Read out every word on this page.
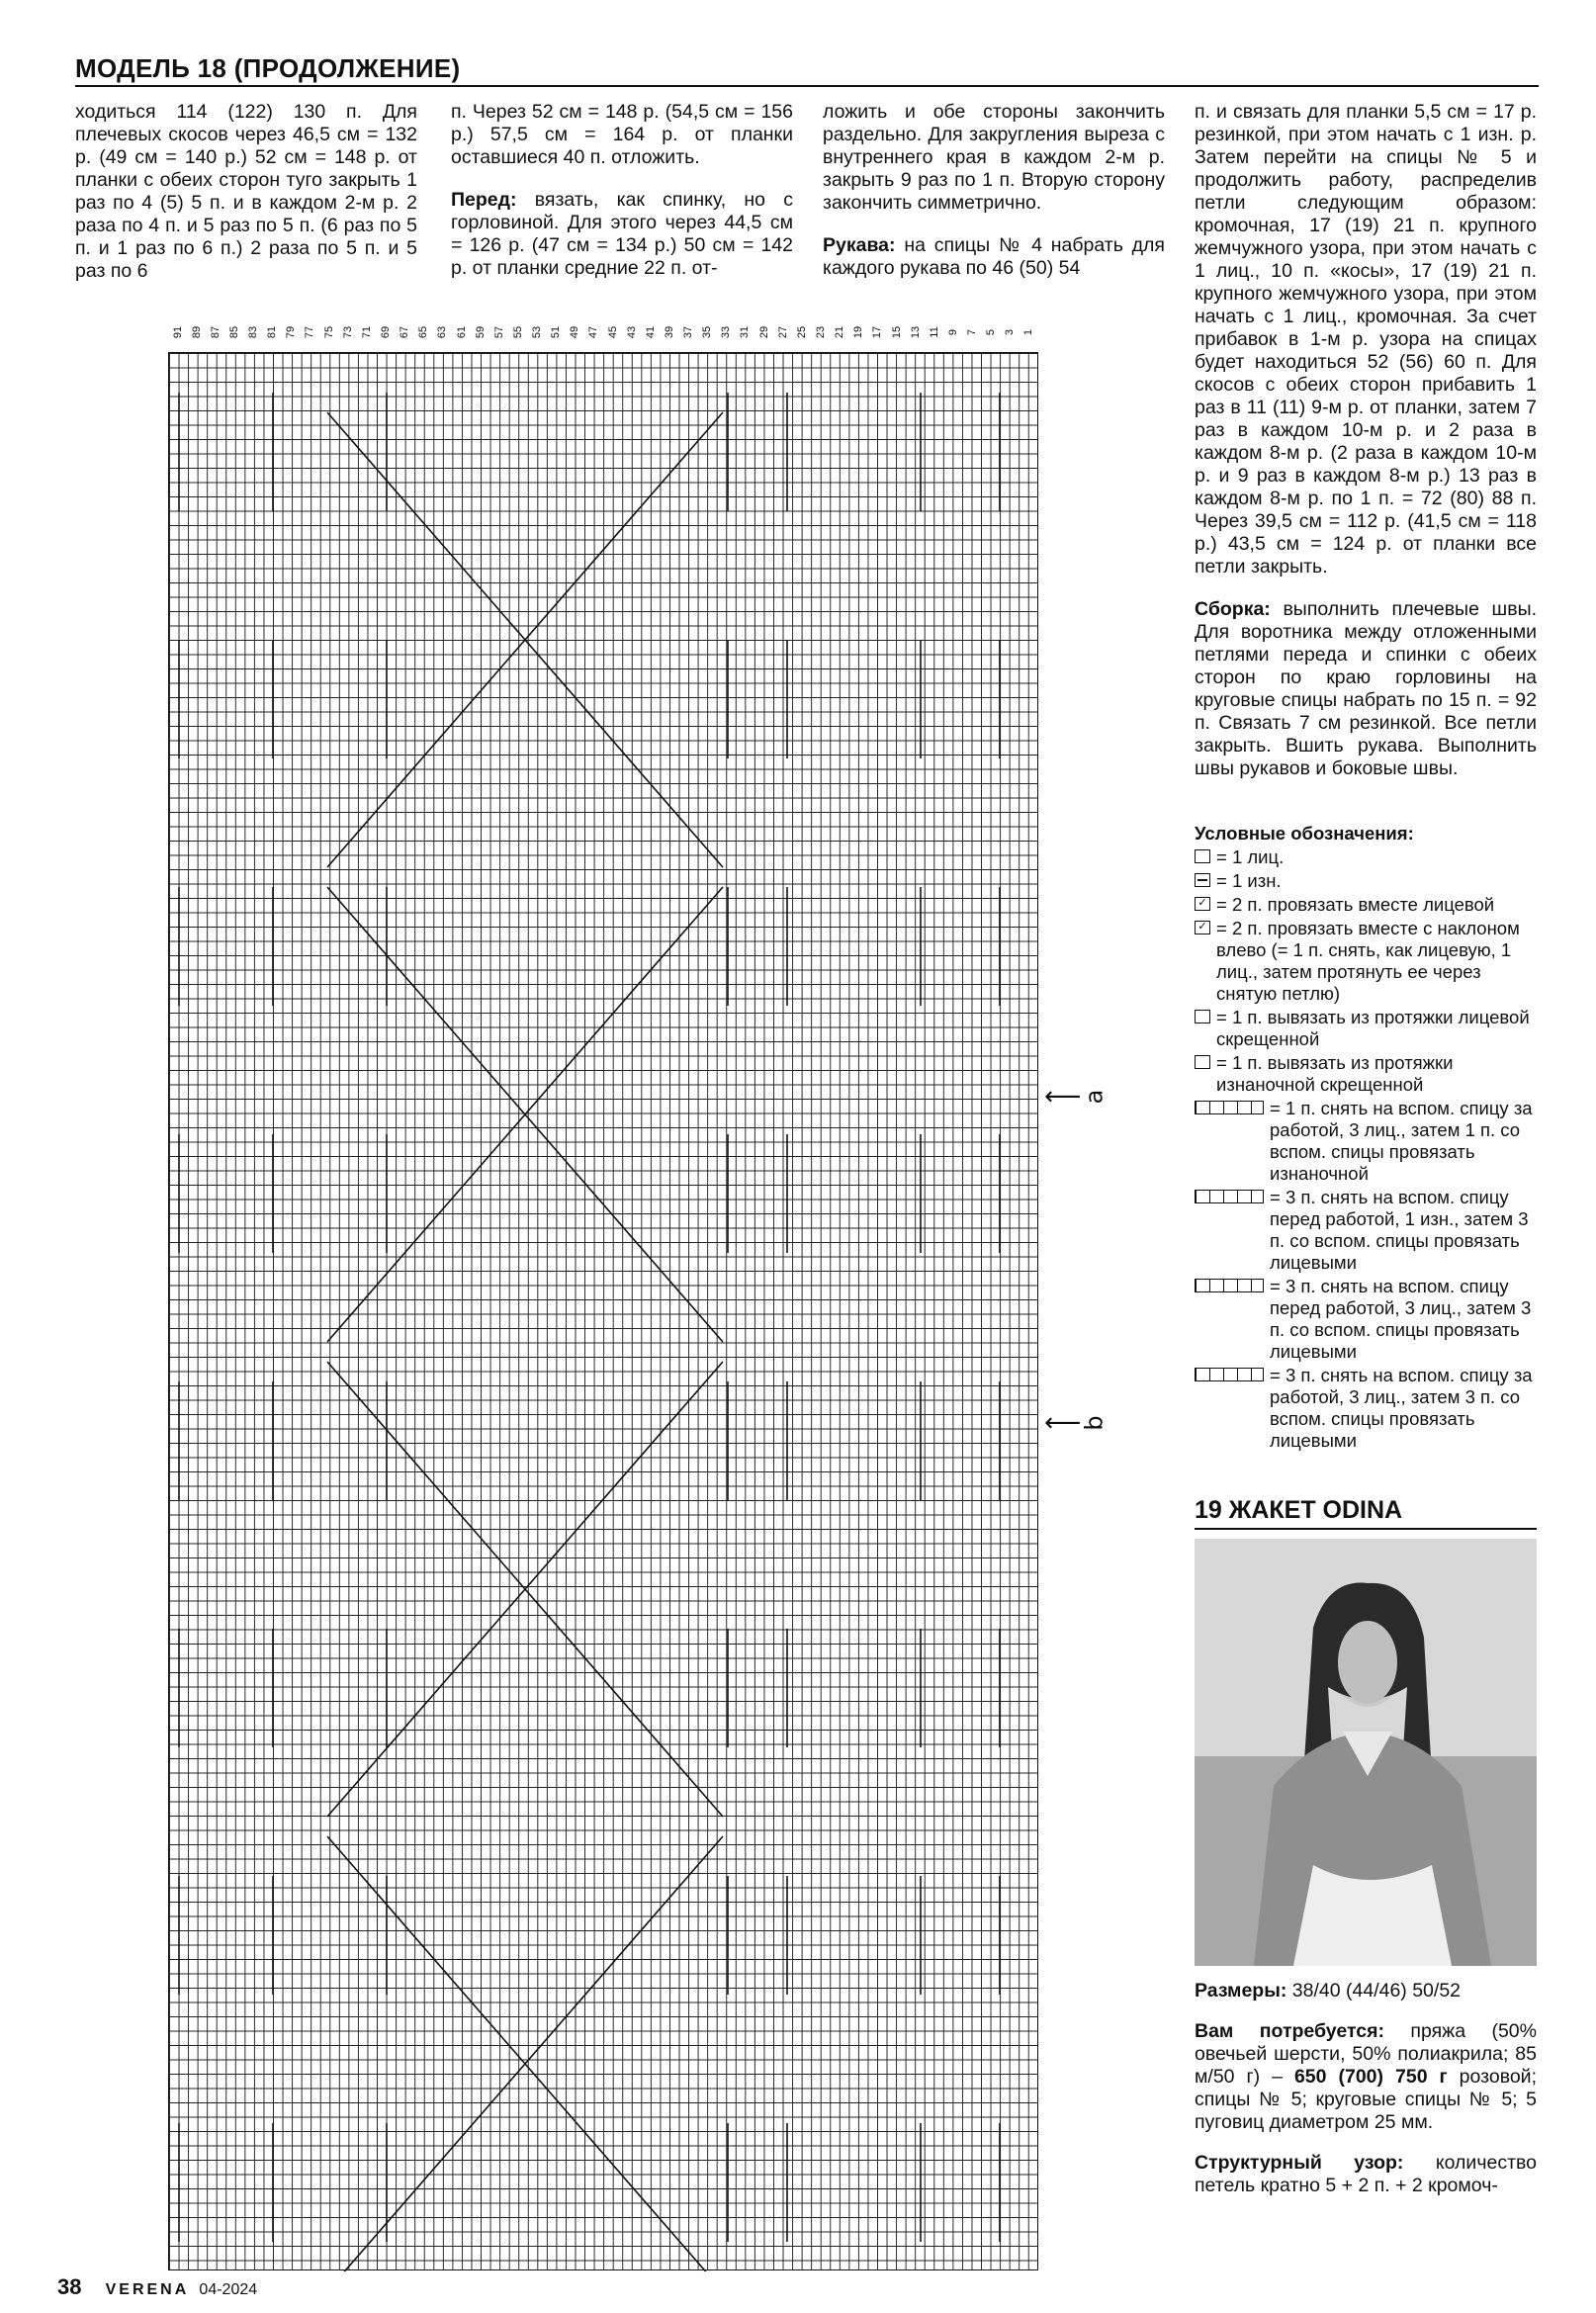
МОДЕЛЬ 18 (ПРОДОЛЖЕНИЕ)

ходиться 114 (122) 130 п. Для плечевых скосов через 46,5 см = 132 р. (49 см = 140 р.) 52 см = 148 р. от планки с обеих сторон туго закрыть 1 раз по 4 (5) 5 п. и в каждом 2-м р. 2 раза по 4 п. и 5 раз по 5 п. (6 раз по 5 п. и 1 раз по 6 п.) 2 раза по 5 п. и 5 раз по 6

п. Через 52 см = 148 р. (54,5 см = 156 р.) 57,5 см = 164 р. от планки оставшиеся 40 п. отложить.

Перед: вязать, как спинку, но с горловиной. Для этого через 44,5 см = 126 р. (47 см = 134 р.) 50 см = 142 р. от планки средние 22 п. от-

ложить и обе стороны закончить раздельно. Для закругления выреза с внутреннего края в каждом 2-м р. закрыть 9 раз по 1 п. Вторую сторону закончить симметрично.

Рукава: на спицы № 4 набрать для каждого рукава по 46 (50) 54

п. и связать для планки 5,5 см = 17 р. резинкой, при этом начать с 1 изн. р. Затем перейти на спицы № 5 и продолжить работу, распределив петли следующим образом: кромочная, 17 (19) 21 п. крупного жемчужного узора, при этом начать с 1 лиц., 10 п. «косы», 17 (19) 21 п. крупного жемчужного узора, при этом начать с 1 лиц., кромочная. За счет прибавок в 1-м р. узора на спицах будет находиться 52 (56) 60 п. Для скосов с обеих сторон прибавить 1 раз в 11 (11) 9-м р. от планки, затем 7 раз в каждом 10-м р. и 2 раза в каждом 8-м р. (2 раза в каждом 10-м р. и 9 раз в каждом 8-м р.) 13 раз в каждом 8-м р. по 1 п. = 72 (80) 88 п. Через 39,5 см = 112 р. (41,5 см = 118 р.) 43,5 см = 124 р. от планки все петли закрыть.

Сборка: выполнить плечевые швы. Для воротника между отложенными петлями переда и спинки с обеих сторон по краю горловины на круговые спицы набрать по 15 п. = 92 п. Связать 7 см резинкой. Все петли закрыть. Вшить рукава. Выполнить швы рукавов и боковые швы.

91 89 87 85 83 81 79 77 75 73 71 69 67 65 63 61 59 57 55 53 51 49 47 45 43 41 39 37 35 33 31 29 27 25 23 21 19 17 15 13 11 9 7 5 3 1
⟵a
⟵b
Условные обозначения:
= 1 лиц.
= 1 изн.
✓
= 2 п. провязать вместе лицевой
✓
= 2 п. провязать вместе с наклоном влево (= 1 п. снять, как лицевую, 1 лиц., затем протянуть ее через снятую петлю)
= 1 п. вывязать из протяжки лицевой скрещенной
= 1 п. вывязать из протяжки изнаночной скрещенной
= 1 п. снять на вспом. спицу за работой, 3 лиц., затем 1 п. со вспом. спицы провязать изнаночной
= 3 п. снять на вспом. спицу перед работой, 1 изн., затем 3 п. со вспом. спицы провязать лицевыми
= 3 п. снять на вспом. спицу перед работой, 3 лиц., затем 3 п. со вспом. спицы провязать лицевыми
= 3 п. снять на вспом. спицу за работой, 3 лиц., затем 3 п. со вспом. спицы провязать лицевыми
19 ЖАКЕТ ODINA

Размеры: 38/40 (44/46) 50/52

Вам потребуется: пряжа (50% овечьей шерсти, 50% полиакрила; 85 м/50 г) – 650 (700) 750 г розовой; спицы № 5; круговые спицы № 5; 5 пуговиц диаметром 25 мм.

Структурный узор: количество петель кратно 5 + 2 п. + 2 кромоч-

38 VERENA 04-2024
